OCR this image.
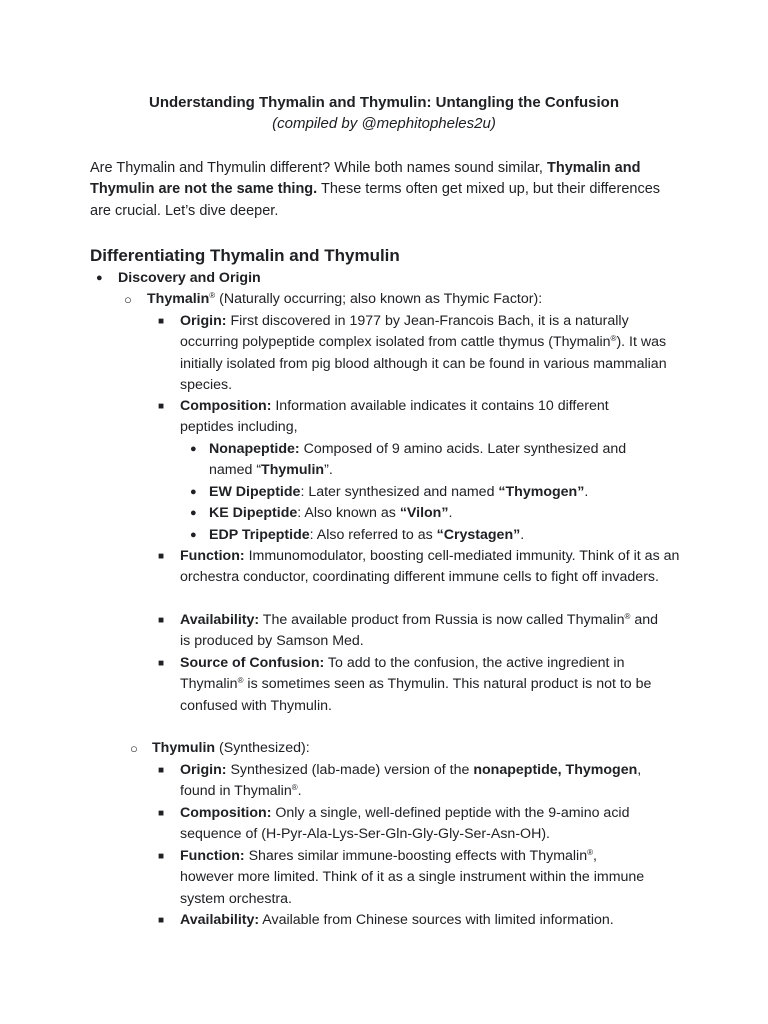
Understanding Thymalin and Thymulin: Untangling the Confusion
(compiled by @mephitopheles2u)
Are Thymalin and Thymulin different? While both names sound similar, Thymalin and Thymulin are not the same thing. These terms often get mixed up, but their differences are crucial. Let’s dive deeper.
Differentiating Thymalin and Thymulin
● Discovery and Origin
○ Thymalin® (Naturally occurring; also known as Thymic Factor):
■ Origin: First discovered in 1977 by Jean-Francois Bach, it is a naturally occurring polypeptide complex isolated from cattle thymus (Thymalin®). It was initially isolated from pig blood although it can be found in various mammalian species.
■ Composition: Information available indicates it contains 10 different peptides including,
● Nonapeptide: Composed of 9 amino acids. Later synthesized and named “Thymulin”.
● EW Dipeptide: Later synthesized and named “Thymogen”.
● KE Dipeptide: Also known as “Vilon”.
● EDP Tripeptide: Also referred to as “Crystagen”.
■ Function: Immunomodulator, boosting cell-mediated immunity. Think of it as an orchestra conductor, coordinating different immune cells to fight off invaders.
■ Availability: The available product from Russia is now called Thymalin® and is produced by Samson Med.
■ Source of Confusion: To add to the confusion, the active ingredient in Thymalin® is sometimes seen as Thymulin. This natural product is not to be confused with Thymulin.
○ Thymulin (Synthesized):
■ Origin: Synthesized (lab-made) version of the nonapeptide, Thymogen, found in Thymalin®.
■ Composition: Only a single, well-defined peptide with the 9-amino acid sequence of (H-Pyr-Ala-Lys-Ser-Gln-Gly-Gly-Ser-Asn-OH).
■ Function: Shares similar immune-boosting effects with Thymalin®, however more limited. Think of it as a single instrument within the immune system orchestra.
■ Availability: Available from Chinese sources with limited information.
